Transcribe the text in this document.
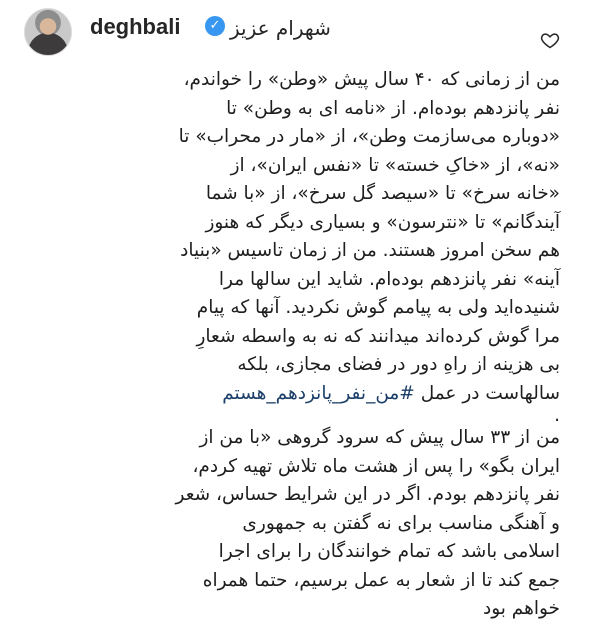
deghbali	✓ شهرام عزیز

من از زمانی که ۴۰ سال پیش «وطن» را خواندم،
نفر پانزدهم بوده‌ام. از «نامه ای به وطن» تا
«دوباره می‌سازمت وطن»، از «مار در محراب» تا
«نه»، از «خاکِ خسته» تا «نفس ایران»، از
«خانه سرخ» تا «سیصد گل سرخ»، از «با شما
آیندگانم» تا «نترسون» و بسیاری دیگر که هنوز
هم سخن امروز هستند. من از زمان تاسیس «بنیاد
آینه» نفر پانزدهم بوده‌ام. شاید این سالها مرا
شنیده‌اید ولی به پیامم گوش نکردید. آنها که پیام
مرا گوش کرده‌اند میدانند که نه به واسطه شعارِ
بی هزینه از راهِ دور در فضای مجازی، بلکه
سالهاست در عمل #من_نفر_پانزدهم_هستم

.

من از ۳۳ سال پیش که سرود گروهی «با من از
ایران بگو» را پس از هشت ماه تلاش تهیه کردم،
نفر پانزدهم بودم. اگر در این شرایط حساس، شعر
و آهنگی مناسب برای نه گفتن به جمهوری
اسلامی باشد که تمام خوانندگان را برای اجرا
جمع کند تا از شعار به عمل برسیم، حتما همراه
خواهم بود
